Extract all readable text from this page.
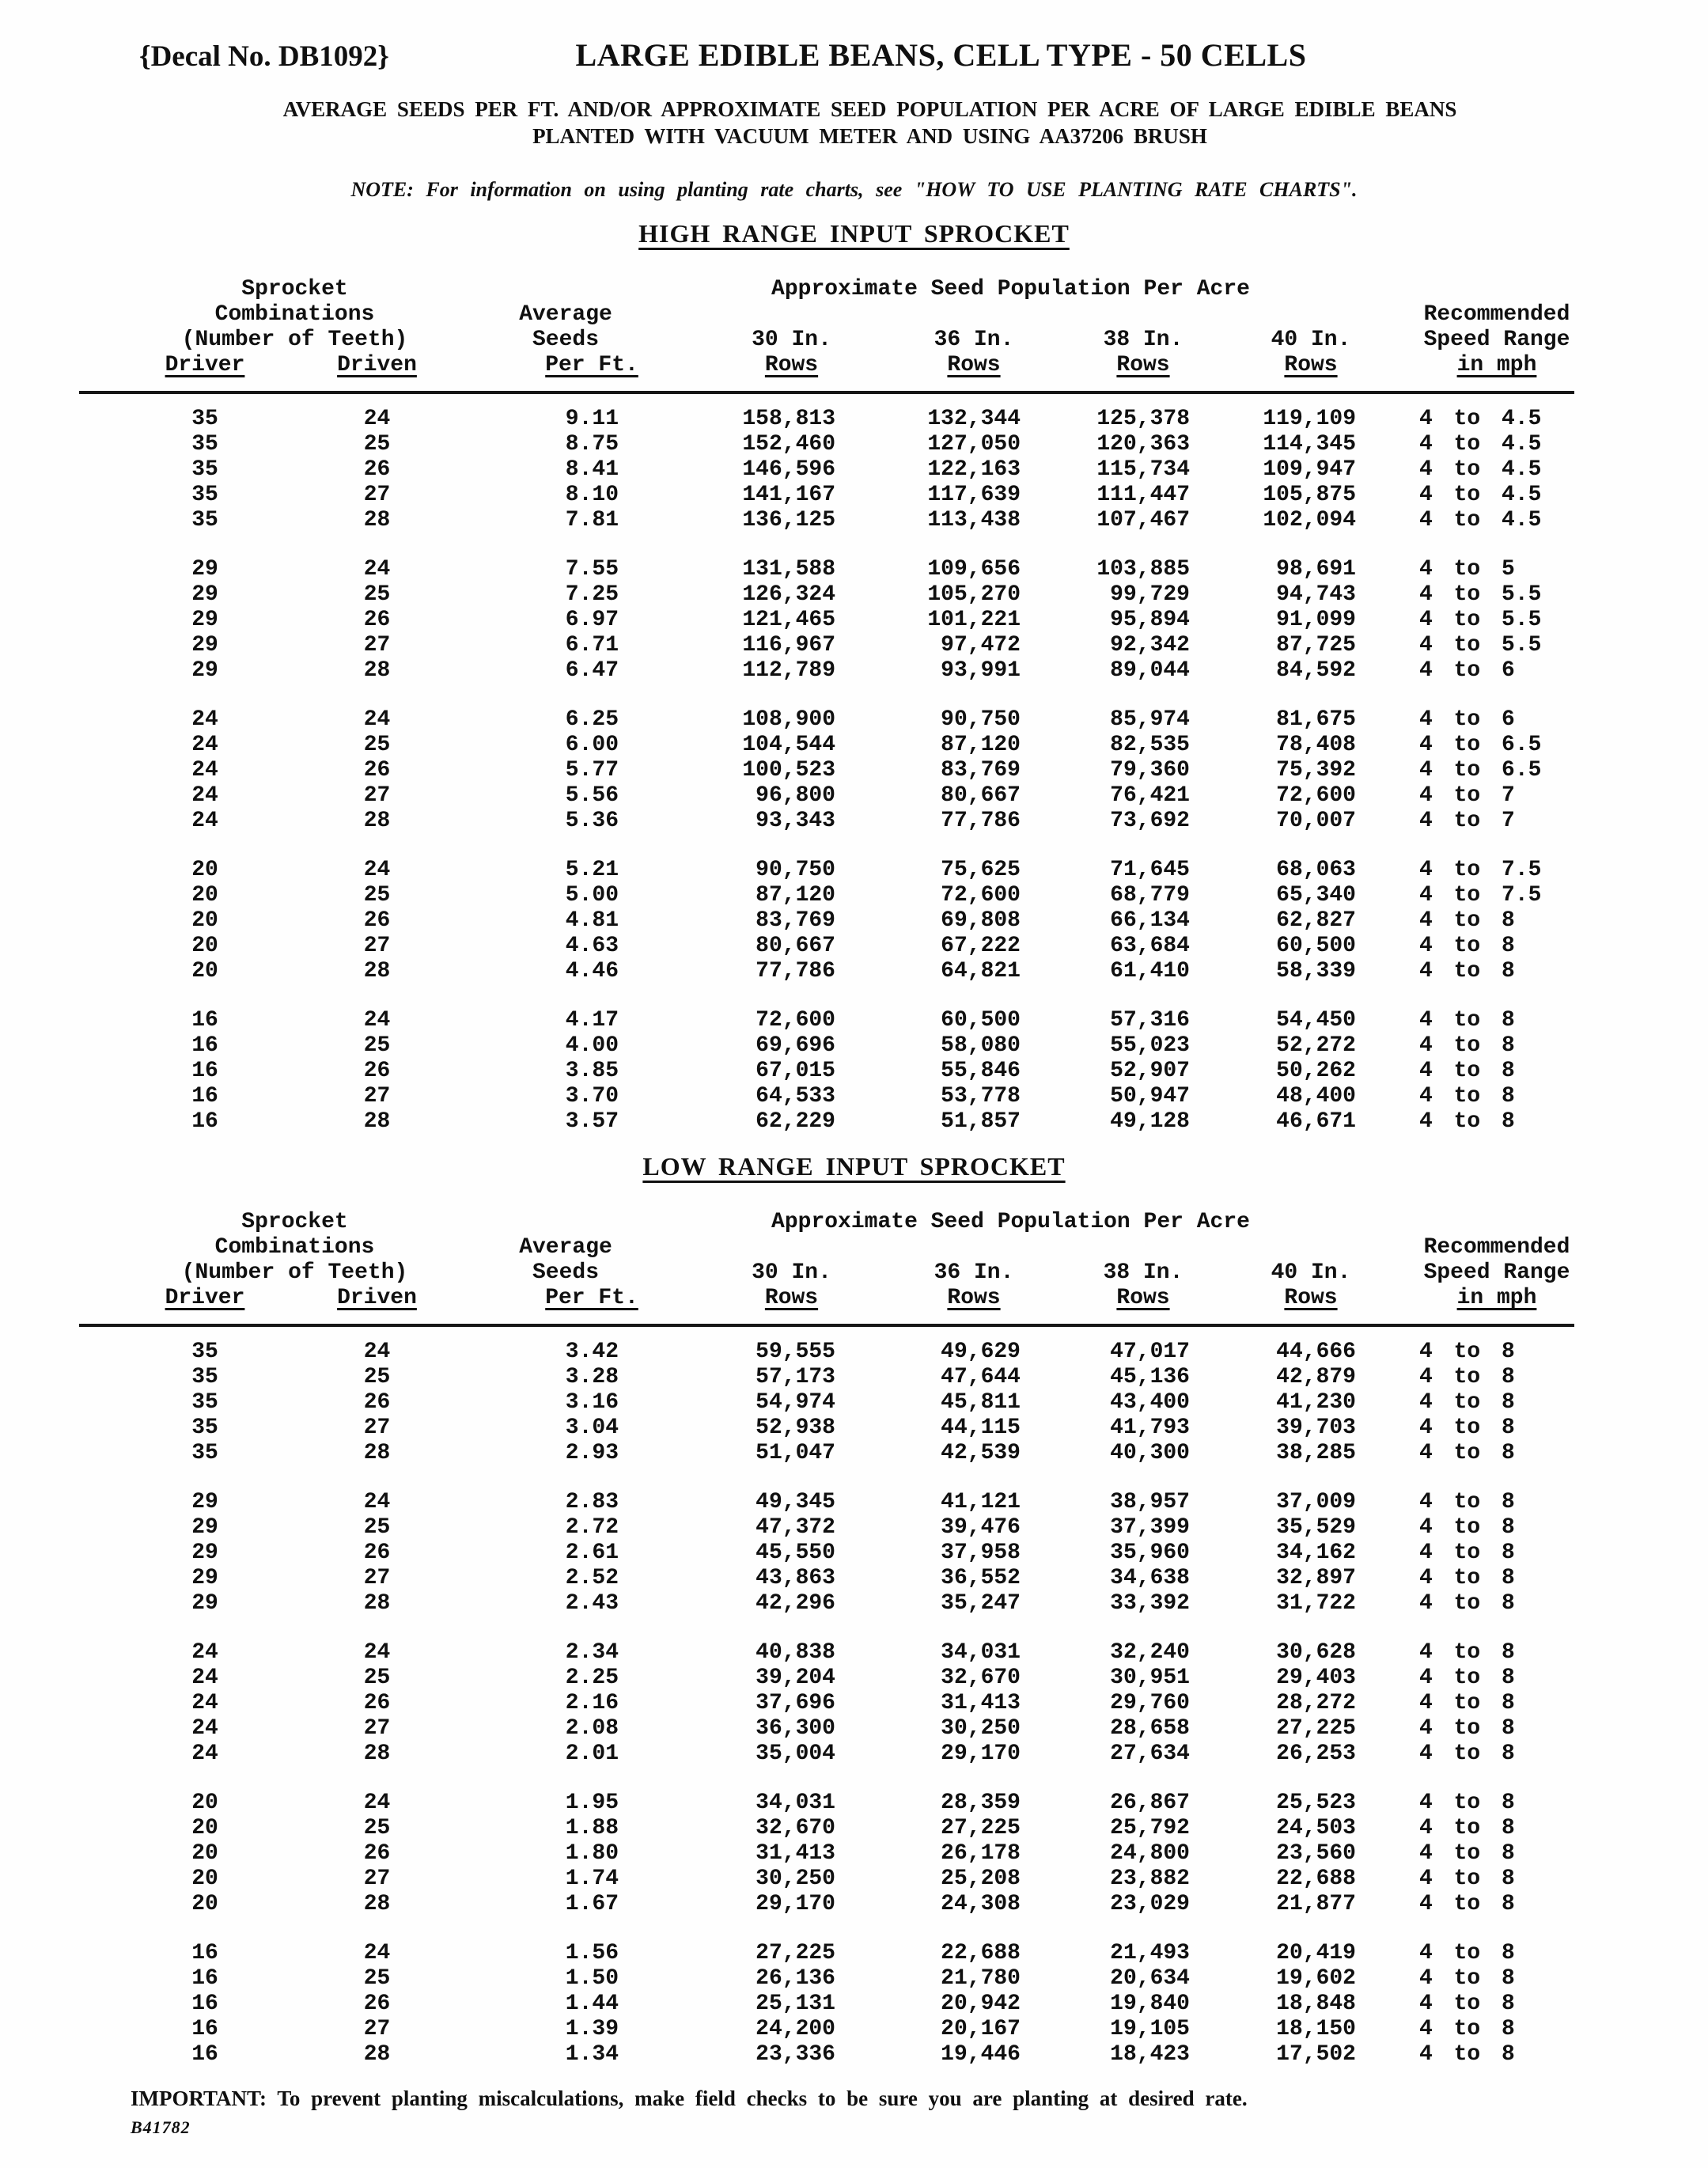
{Decal No. DB1092}	LARGE EDIBLE BEANS, CELL TYPE - 50 CELLS
AVERAGE SEEDS PER FT. AND/OR APPROXIMATE SEED POPULATION PER ACRE OF LARGE EDIBLE BEANS
PLANTED WITH VACUUM METER AND USING AA37206 BRUSH
NOTE: For information on using planting rate charts, see "HOW TO USE PLANTING RATE CHARTS".
HIGH RANGE INPUT SPROCKET
Sprocket	Approximate Seed Population Per Acre
Combinations	Average	Recommended
(Number of Teeth)	Seeds	30 In.	36 In.	38 In.	40 In.	Speed Range
Driver	Driven	Per Ft.	Rows	Rows	Rows	Rows	in mph
35	24	9.11	158,813	132,344	125,378	119,109	4 to 4.5
35	25	8.75	152,460	127,050	120,363	114,345	4 to 4.5
35	26	8.41	146,596	122,163	115,734	109,947	4 to 4.5
35	27	8.10	141,167	117,639	111,447	105,875	4 to 4.5
35	28	7.81	136,125	113,438	107,467	102,094	4 to 4.5
29	24	7.55	131,588	109,656	103,885	98,691	4 to 5
29	25	7.25	126,324	105,270	99,729	94,743	4 to 5.5
29	26	6.97	121,465	101,221	95,894	91,099	4 to 5.5
29	27	6.71	116,967	97,472	92,342	87,725	4 to 5.5
29	28	6.47	112,789	93,991	89,044	84,592	4 to 6
24	24	6.25	108,900	90,750	85,974	81,675	4 to 6
24	25	6.00	104,544	87,120	82,535	78,408	4 to 6.5
24	26	5.77	100,523	83,769	79,360	75,392	4 to 6.5
24	27	5.56	96,800	80,667	76,421	72,600	4 to 7
24	28	5.36	93,343	77,786	73,692	70,007	4 to 7
20	24	5.21	90,750	75,625	71,645	68,063	4 to 7.5
20	25	5.00	87,120	72,600	68,779	65,340	4 to 7.5
20	26	4.81	83,769	69,808	66,134	62,827	4 to 8
20	27	4.63	80,667	67,222	63,684	60,500	4 to 8
20	28	4.46	77,786	64,821	61,410	58,339	4 to 8
16	24	4.17	72,600	60,500	57,316	54,450	4 to 8
16	25	4.00	69,696	58,080	55,023	52,272	4 to 8
16	26	3.85	67,015	55,846	52,907	50,262	4 to 8
16	27	3.70	64,533	53,778	50,947	48,400	4 to 8
16	28	3.57	62,229	51,857	49,128	46,671	4 to 8
LOW RANGE INPUT SPROCKET
Sprocket	Approximate Seed Population Per Acre
Combinations	Average	Recommended
(Number of Teeth)	Seeds	30 In.	36 In.	38 In.	40 In.	Speed Range
Driver	Driven	Per Ft.	Rows	Rows	Rows	Rows	in mph
35	24	3.42	59,555	49,629	47,017	44,666	4 to 8
35	25	3.28	57,173	47,644	45,136	42,879	4 to 8
35	26	3.16	54,974	45,811	43,400	41,230	4 to 8
35	27	3.04	52,938	44,115	41,793	39,703	4 to 8
35	28	2.93	51,047	42,539	40,300	38,285	4 to 8
29	24	2.83	49,345	41,121	38,957	37,009	4 to 8
29	25	2.72	47,372	39,476	37,399	35,529	4 to 8
29	26	2.61	45,550	37,958	35,960	34,162	4 to 8
29	27	2.52	43,863	36,552	34,638	32,897	4 to 8
29	28	2.43	42,296	35,247	33,392	31,722	4 to 8
24	24	2.34	40,838	34,031	32,240	30,628	4 to 8
24	25	2.25	39,204	32,670	30,951	29,403	4 to 8
24	26	2.16	37,696	31,413	29,760	28,272	4 to 8
24	27	2.08	36,300	30,250	28,658	27,225	4 to 8
24	28	2.01	35,004	29,170	27,634	26,253	4 to 8
20	24	1.95	34,031	28,359	26,867	25,523	4 to 8
20	25	1.88	32,670	27,225	25,792	24,503	4 to 8
20	26	1.80	31,413	26,178	24,800	23,560	4 to 8
20	27	1.74	30,250	25,208	23,882	22,688	4 to 8
20	28	1.67	29,170	24,308	23,029	21,877	4 to 8
16	24	1.56	27,225	22,688	21,493	20,419	4 to 8
16	25	1.50	26,136	21,780	20,634	19,602	4 to 8
16	26	1.44	25,131	20,942	19,840	18,848	4 to 8
16	27	1.39	24,200	20,167	19,105	18,150	4 to 8
16	28	1.34	23,336	19,446	18,423	17,502	4 to 8
IMPORTANT: To prevent planting miscalculations, make field checks to be sure you are planting at desired rate.
B41782
